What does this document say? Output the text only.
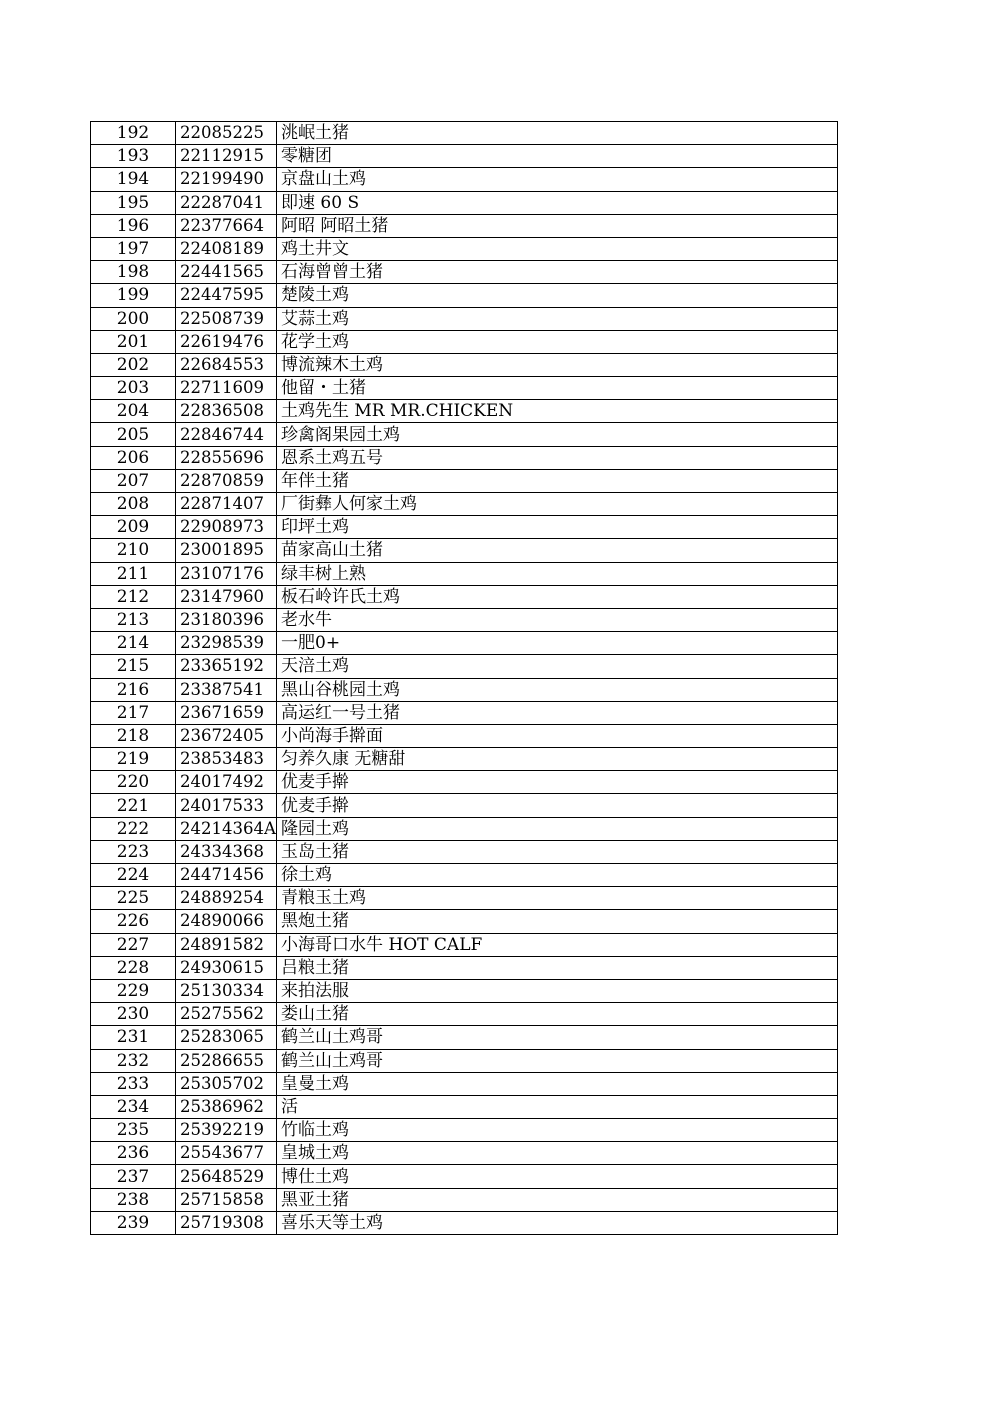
192	22085225	洮岷土猪
193	22112915	零糖团
194	22199490	京盘山土鸡
195	22287041	即速 60 S
196	22377664	阿昭 阿昭土猪
197	22408189	鸡土井文
198	22441565	石海曾曾土猪
199	22447595	楚陵土鸡
200	22508739	艾蒜土鸡
201	22619476	花学土鸡
202	22684553	博流辣木土鸡
203	22711609	他留・土猪
204	22836508	土鸡先生 MR MR.CHICKEN
205	22846744	珍禽阁果园土鸡
206	22855696	恩系土鸡五号
207	22870859	年伴土猪
208	22871407	厂街彝人何家土鸡
209	22908973	印坪土鸡
210	23001895	苗家高山土猪
211	23107176	绿丰树上熟
212	23147960	板石岭许氏土鸡
213	23180396	老水牛
214	23298539	一肥0+
215	23365192	天涪土鸡
216	23387541	黑山谷桃园土鸡
217	23671659	高运红一号土猪
218	23672405	小尚海手擀面
219	23853483	匀养久康 无糖甜
220	24017492	优麦手擀
221	24017533	优麦手擀
222	24214364A	隆园土鸡
223	24334368	玉岛土猪
224	24471456	徐土鸡
225	24889254	青粮玉土鸡
226	24890066	黑炮土猪
227	24891582	小海哥口水牛 HOT CALF
228	24930615	吕粮土猪
229	25130334	来拍法服
230	25275562	娄山土猪
231	25283065	鹤兰山土鸡哥
232	25286655	鹤兰山土鸡哥
233	25305702	皇曼土鸡
234	25386962	活
235	25392219	竹临土鸡
236	25543677	皇城土鸡
237	25648529	博仕土鸡
238	25715858	黑亚土猪
239	25719308	喜乐天等土鸡
